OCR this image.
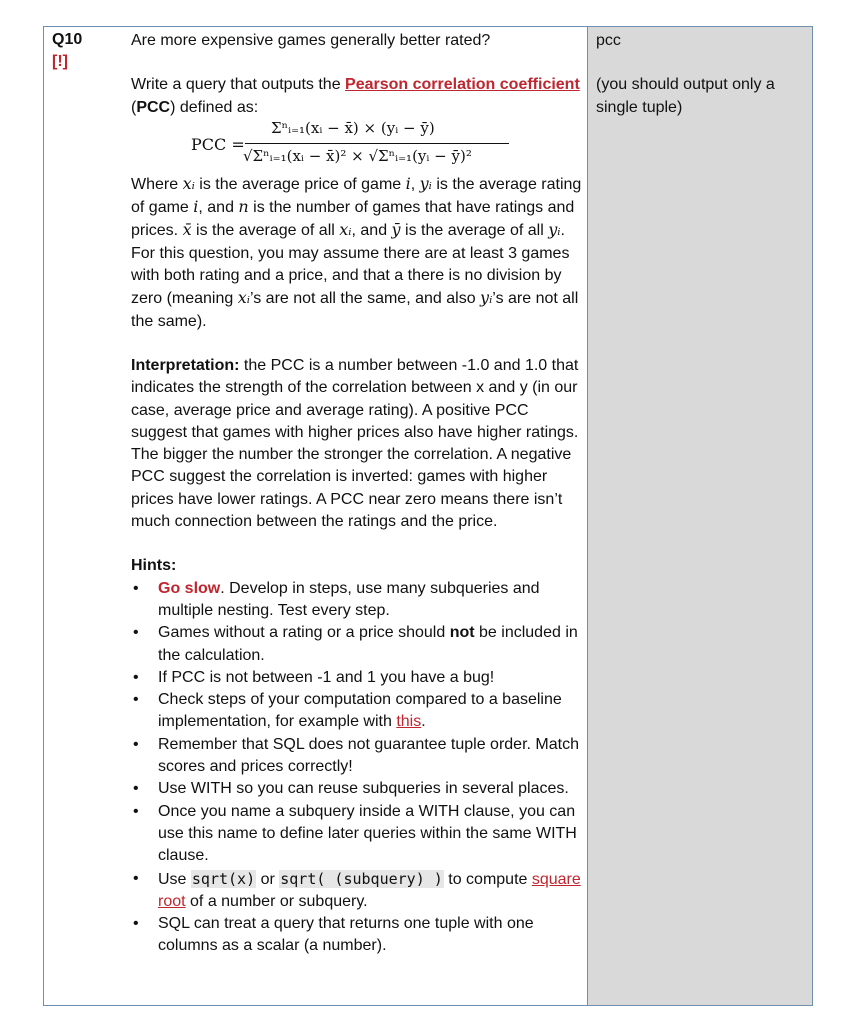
Q10
[!]

Are more expensive games generally better rated?

Write a query that outputs the Pearson correlation coefficient (PCC) defined as:

PCC =
Σⁿᵢ₌₁(xᵢ − x̄) × (yᵢ − ȳ)
√Σⁿᵢ₌₁(xᵢ − x̄)² × √Σⁿᵢ₌₁(yᵢ − ȳ)²

Where xᵢ is the average price of game i, yᵢ is the average rating of game i, and n is the number of games that have ratings and prices. x̄ is the average of all xᵢ, and ȳ is the average of all yᵢ.

For this question, you may assume there are at least 3 games with both rating and a price, and that a there is no division by zero (meaning xᵢ’s are not all the same, and also yᵢ’s are not all the same).

Interpretation: the PCC is a number between -1.0 and 1.0 that indicates the strength of the correlation between x and y (in our case, average price and average rating). A positive PCC suggest that games with higher prices also have higher ratings. The bigger the number the stronger the correlation. A negative PCC suggest the correlation is inverted: games with higher prices have lower ratings. A PCC near zero means there isn’t much connection between the ratings and the price.

Hints:

• Go slow. Develop in steps, use many subqueries and multiple nesting. Test every step.
• Games without a rating or a price should not be included in the calculation.
• If PCC is not between -1 and 1 you have a bug!
• Check steps of your computation compared to a baseline implementation, for example with this.
• Remember that SQL does not guarantee tuple order. Match scores and prices correctly!
• Use WITH so you can reuse subqueries in several places.
• Once you name a subquery inside a WITH clause, you can use this name to define later queries within the same WITH clause.
• Use sqrt(x) or sqrt( (subquery) ) to compute square root of a number or subquery.
• SQL can treat a query that returns one tuple with one columns as a scalar (a number).

pcc

(you should output only a single tuple)
